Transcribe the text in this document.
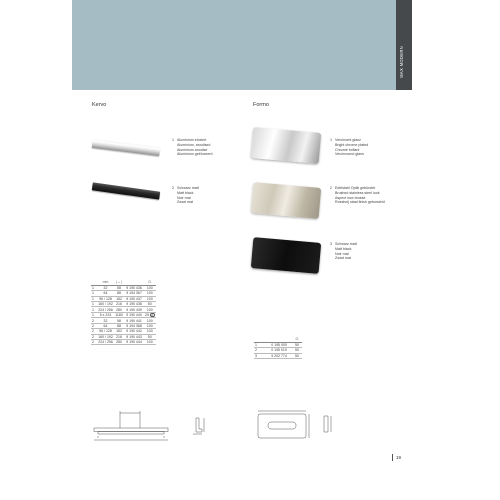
MAX MODERN
Kervo
1 Aluminium eloxiert
Aluminium, anodised
Aluminium anodisé
Aluminium geëloxeerd
2 Schwarz matt
Matt black
Noir mat
Zwart mat
	mm	|↔|		⊡
1	32	58	9 190 436	100
1	64	88	9 194 367	100
1	96 / 128	152	9 190 437	100
1	160 / 192	216	9 190 438	50
1	224 / 256	280	9 190 439	100
1	5 x 224	1180	9 190 440	25 A
2	32	58	9 190 441	100
2	64	88	9 194 368	100
2	96 / 128	152	9 190 442	100
2	160 / 192	216	9 190 443	50
2	224 / 256	280	9 190 444	100
Formo
1 Verchromt glanz
Bright chrome plated
Chromé brillant
Verchroomd glans
2 Edelstahl Optik gebürstet
Brushed stainless steel look
Aspect inox brossé
Roestvrij staal finish geborsteld
3 Schwarz matt
Matt black
Noir mat
Zwart mat
		⊡
1	0 195 000	50
2	0 195 019	50
3	9 202 774	50
19
